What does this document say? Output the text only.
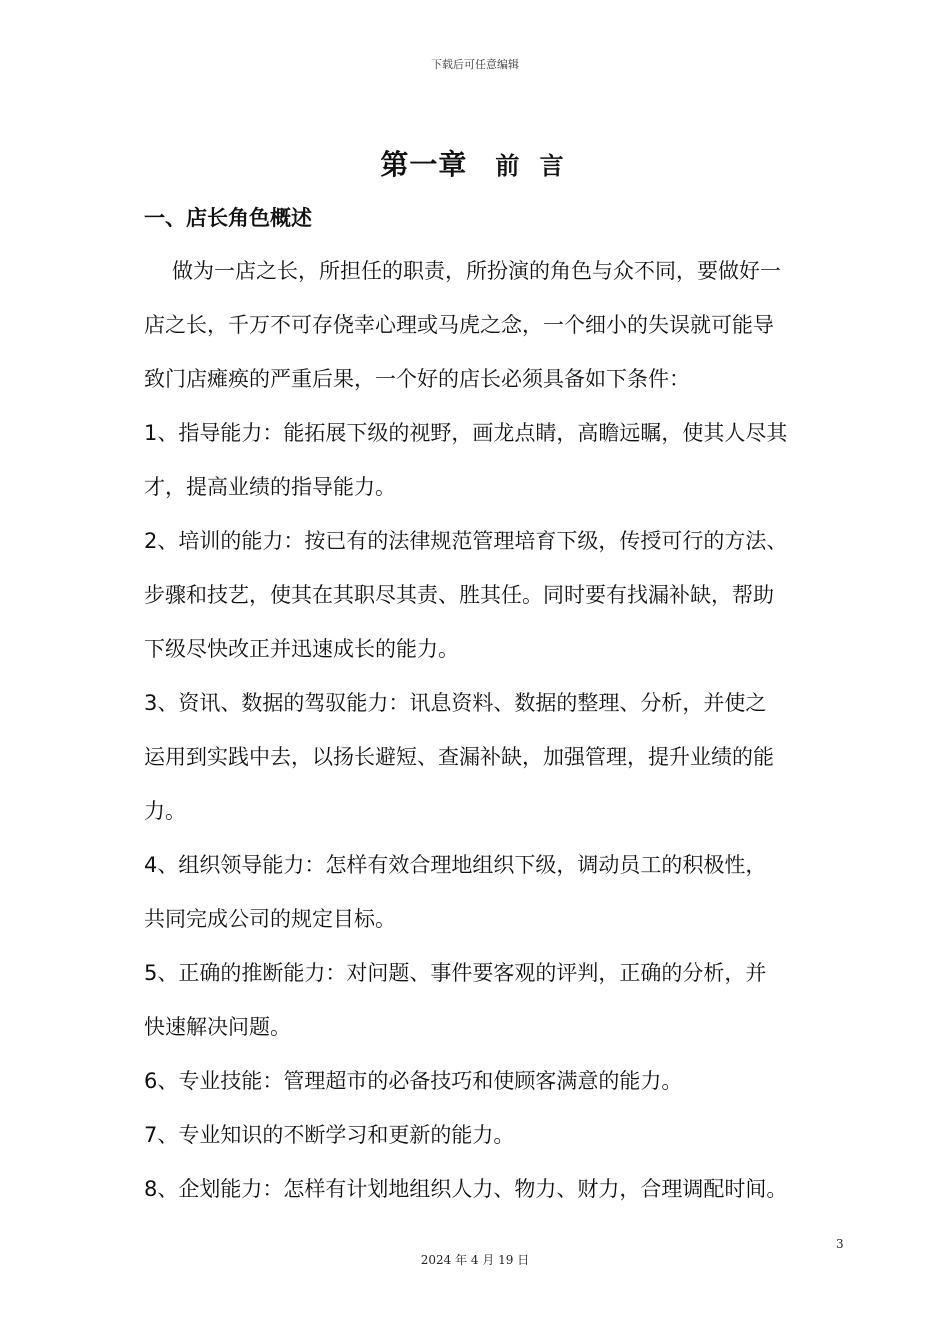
下载后可任意编辑
第一章 前 言
一、店长角色概述

做为一店之长，所担任的职责，所扮演的角色与众不同，要做好一

店之长，千万不可存侥幸心理或马虎之念，一个细小的失误就可能导
致门店瘫痪的严重后果，一个好的店长必须具备如下条件：

1、指导能力：能拓展下级的视野，画龙点睛，高瞻远瞩，使其人尽其
才，提高业绩的指导能力。

2、培训的能力：按已有的法律规范管理培育下级，传授可行的方法、
步骤和技艺，使其在其职尽其责、胜其任。同时要有找漏补缺，帮助
下级尽快改正并迅速成长的能力。

3、资讯、数据的驾驭能力：讯息资料、数据的整理、分析，并使之
运用到实践中去，以扬长避短、查漏补缺，加强管理，提升业绩的能
力。

4、组织领导能力：怎样有效合理地组织下级，调动员工的积极性，
共同完成公司的规定目标。

5、正确的推断能力：对问题、事件要客观的评判，正确的分析，并
快速解决问题。

6、专业技能：管理超市的必备技巧和使顾客满意的能力。

7、专业知识的不断学习和更新的能力。

8、企划能力：怎样有计划地组织人力、物力、财力，合理调配时间。

3
2024 年 4 月 19 日
